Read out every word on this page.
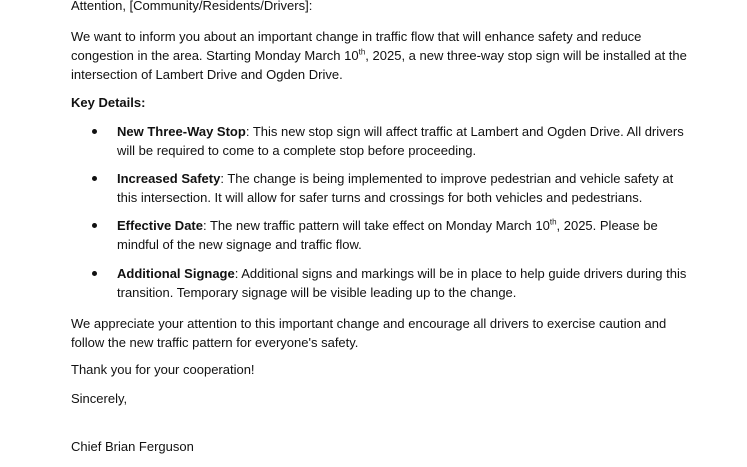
Attention, [Community/Residents/Drivers]:

We want to inform you about an important change in traffic flow that will enhance safety and reduce congestion in the area. Starting Monday March 10th, 2025, a new three-way stop sign will be installed at the intersection of Lambert Drive and Ogden Drive.

Key Details:

New Three-Way Stop: This new stop sign will affect traffic at Lambert and Ogden Drive. All drivers will be required to come to a complete stop before proceeding.
Increased Safety: The change is being implemented to improve pedestrian and vehicle safety at this intersection. It will allow for safer turns and crossings for both vehicles and pedestrians.
Effective Date: The new traffic pattern will take effect on Monday March 10th, 2025. Please be mindful of the new signage and traffic flow.
Additional Signage: Additional signs and markings will be in place to help guide drivers during this transition. Temporary signage will be visible leading up to the change.

We appreciate your attention to this important change and encourage all drivers to exercise caution and follow the new traffic pattern for everyone's safety.

Thank you for your cooperation!

Sincerely,

Chief Brian Ferguson
